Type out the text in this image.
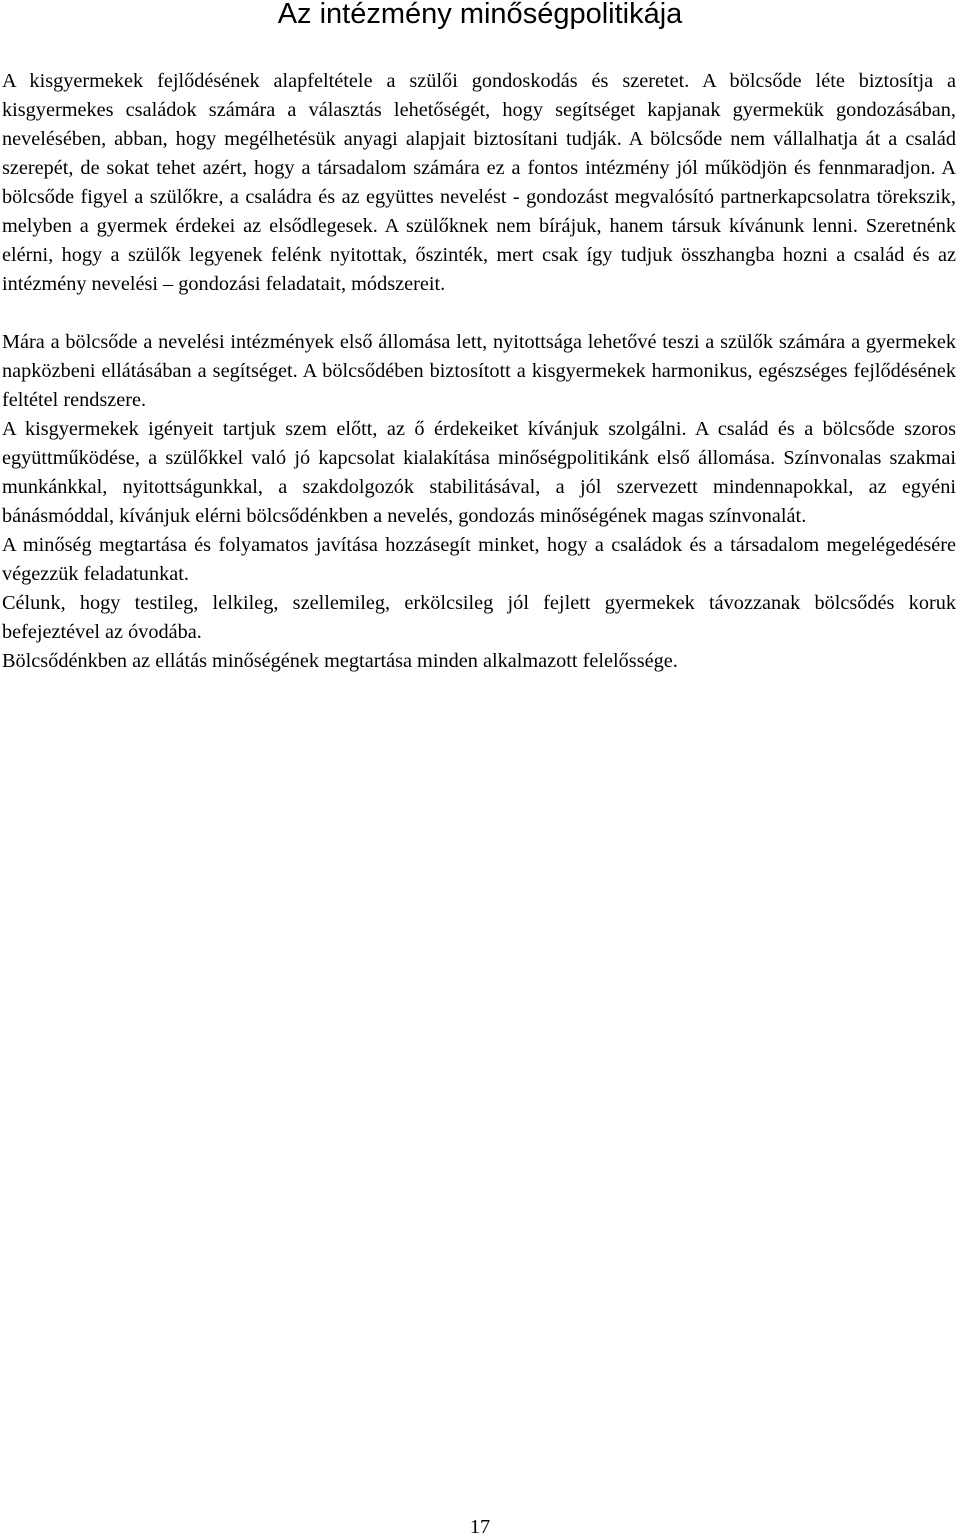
Az intézmény minőségpolitikája

A kisgyermekek fejlődésének alapfeltétele a szülői gondoskodás és szeretet. A bölcsőde léte biztosítja a kisgyermekes családok számára a választás lehetőségét, hogy segítséget kapjanak gyermekük gondozásában, nevelésében, abban, hogy megélhetésük anyagi alapjait biztosítani tudják. A bölcsőde nem vállalhatja át a család szerepét, de sokat tehet azért, hogy a társadalom számára ez a fontos intézmény jól működjön és fennmaradjon. A bölcsőde figyel a szülőkre, a családra és az együttes nevelést - gondozást megvalósító partnerkapcsolatra törekszik, melyben a gyermek érdekei az elsődlegesek. A szülőknek nem bírájuk, hanem társuk kívánunk lenni. Szeretnénk elérni, hogy a szülők legyenek felénk nyitottak, őszinték, mert csak így tudjuk összhangba hozni a család és az intézmény nevelési – gondozási feladatait, módszereit.

Mára a bölcsőde a nevelési intézmények első állomása lett, nyitottsága lehetővé teszi a szülők számára a gyermekek napközbeni ellátásában a segítséget. A bölcsődében biztosított a kisgyermekek harmonikus, egészséges fejlődésének feltétel rendszere.

A kisgyermekek igényeit tartjuk szem előtt, az ő érdekeiket kívánjuk szolgálni. A család és a bölcsőde szoros együttműködése, a szülőkkel való jó kapcsolat kialakítása minőségpolitikánk első állomása. Színvonalas szakmai munkánkkal, nyitottságunkkal, a szakdolgozók stabilitásával, a jól szervezett mindennapokkal, az egyéni bánásmóddal, kívánjuk elérni bölcsődénkben a nevelés, gondozás minőségének magas színvonalát.

A minőség megtartása és folyamatos javítása hozzásegít minket, hogy a családok és a társadalom megelégedésére végezzük feladatunkat.

Célunk, hogy testileg, lelkileg, szellemileg, erkölcsileg jól fejlett gyermekek távozzanak bölcsődés koruk befejeztével az óvodába.

Bölcsődénkben az ellátás minőségének megtartása minden alkalmazott felelőssége.

17
